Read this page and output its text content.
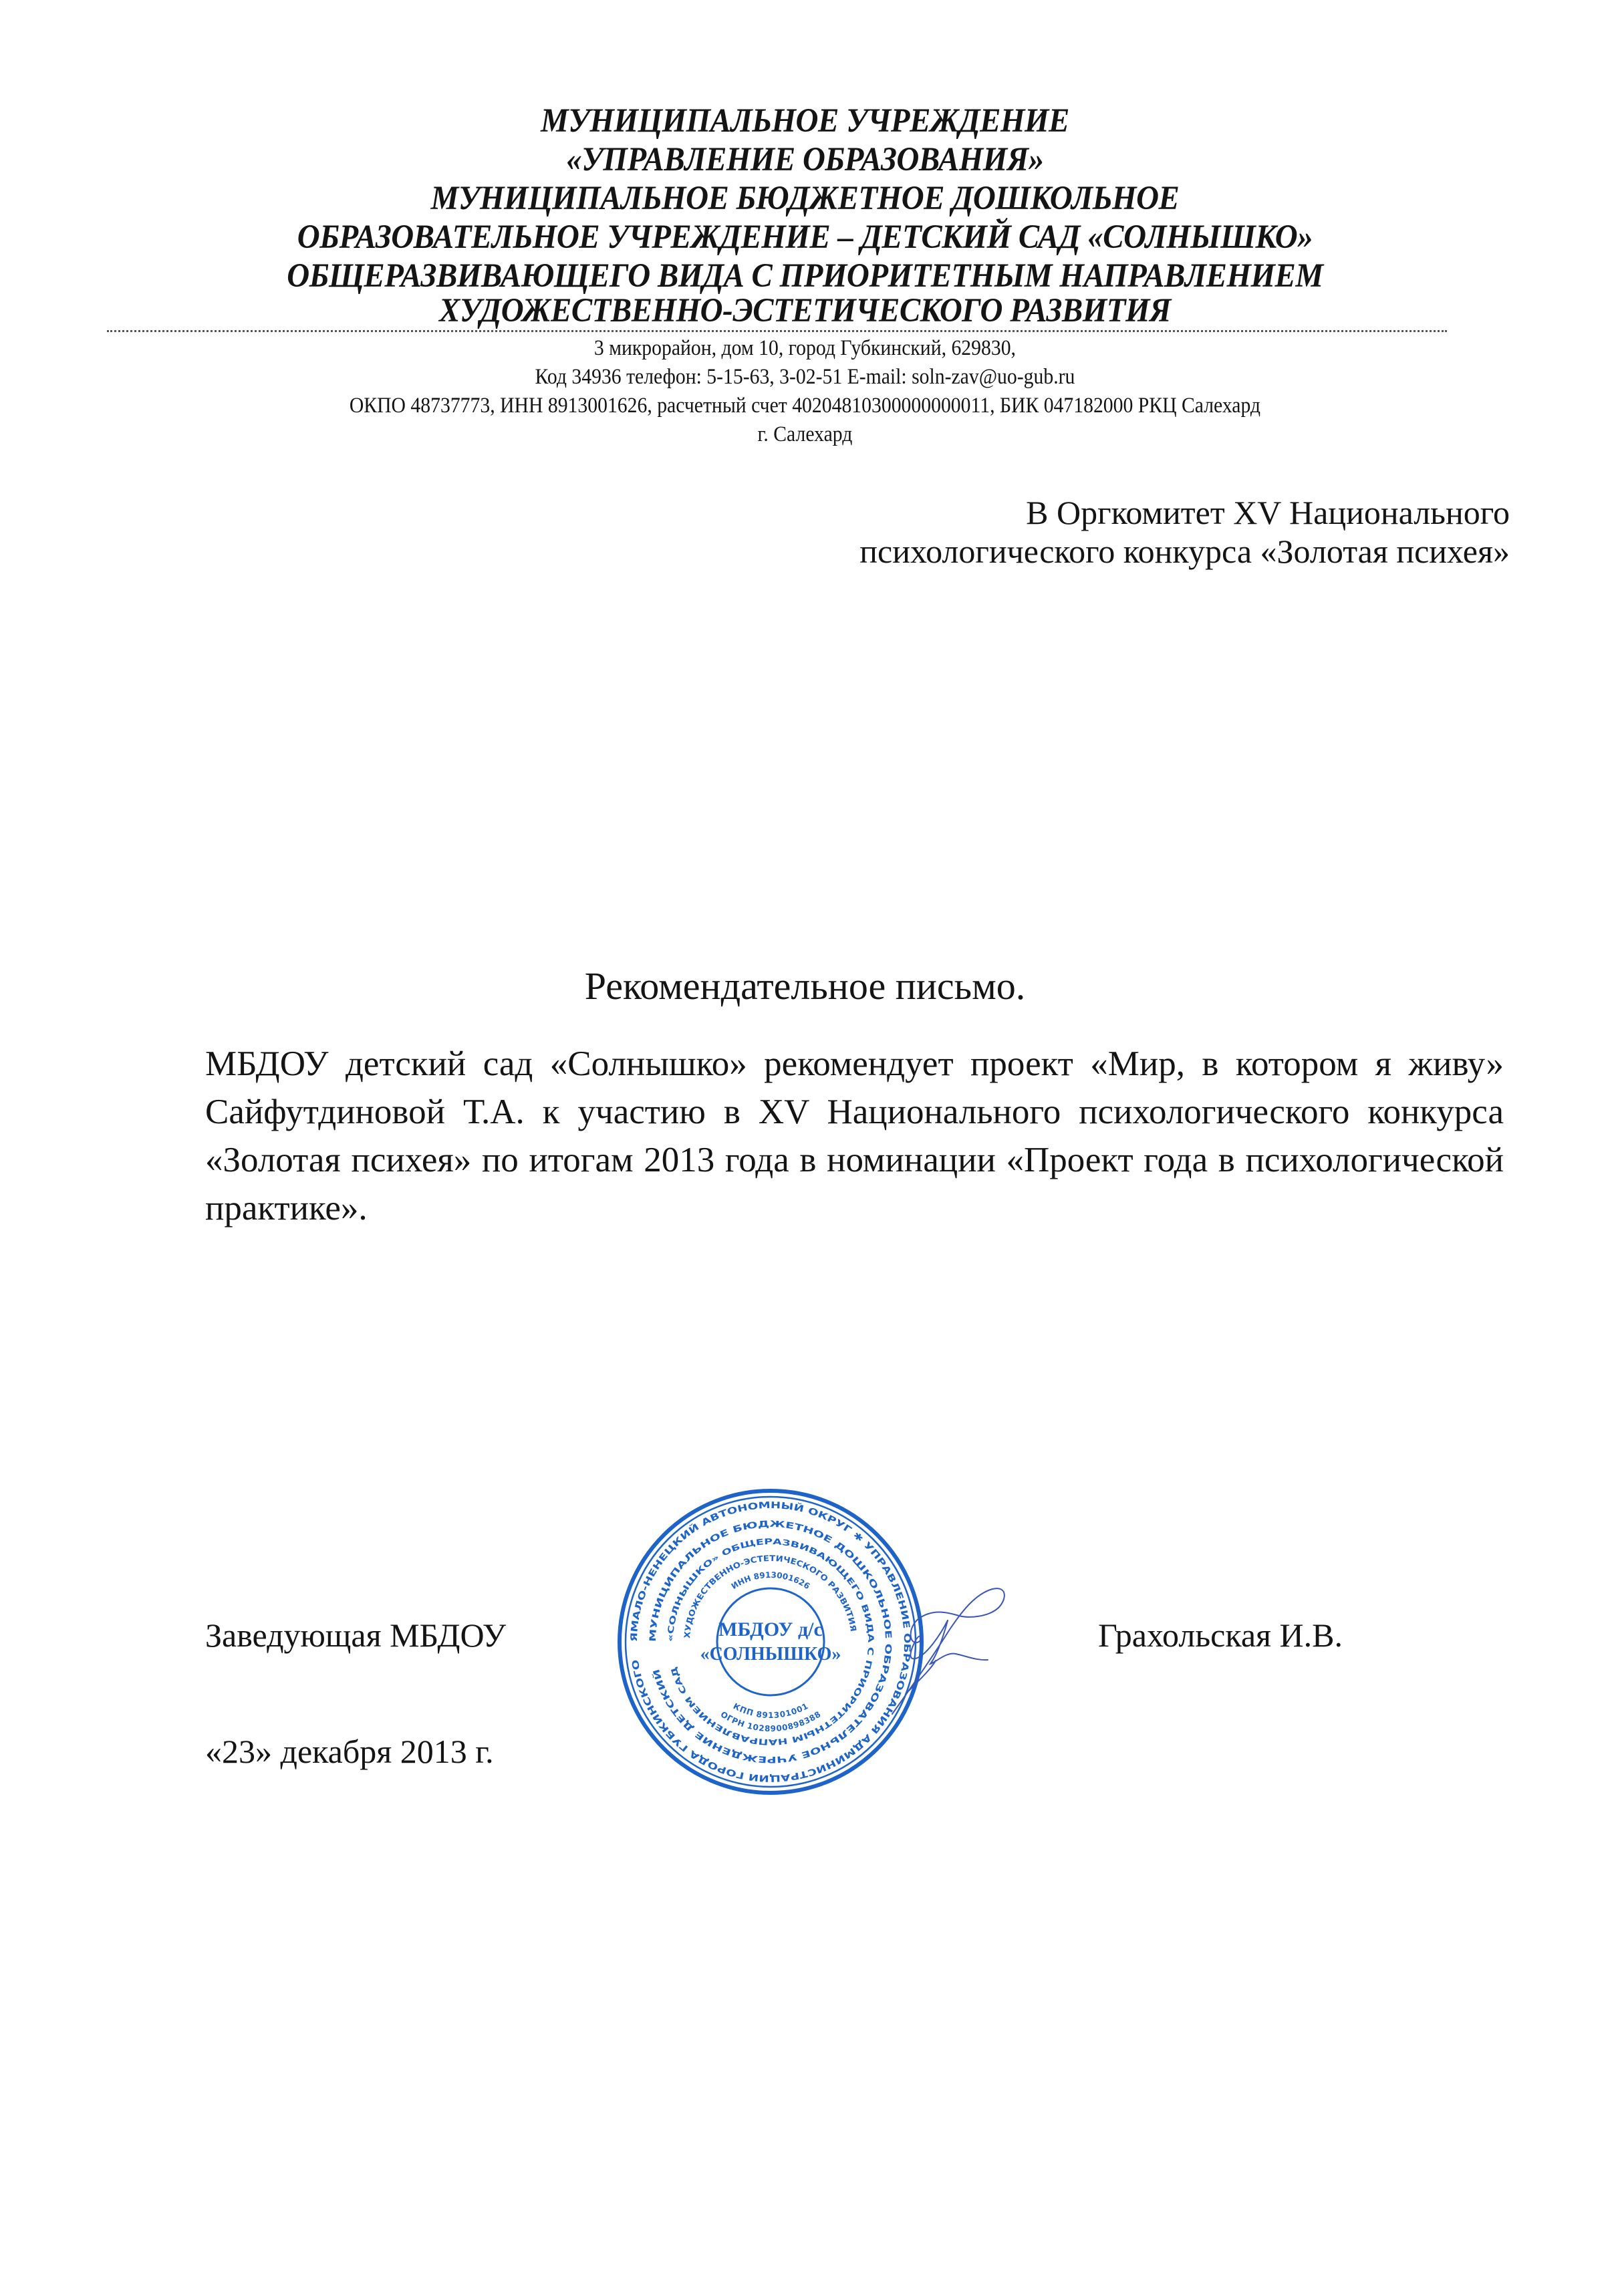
МУНИЦИПАЛЬНОЕ УЧРЕЖДЕНИЕ
«УПРАВЛЕНИЕ ОБРАЗОВАНИЯ»
МУНИЦИПАЛЬНОЕ БЮДЖЕТНОЕ ДОШКОЛЬНОЕ
ОБРАЗОВАТЕЛЬНОЕ УЧРЕЖДЕНИЕ – ДЕТСКИЙ САД «СОЛНЫШКО»
ОБЩЕРАЗВИВАЮЩЕГО ВИДА С ПРИОРИТЕТНЫМ НАПРАВЛЕНИЕМ
ХУДОЖЕСТВЕННО-ЭСТЕТИЧЕСКОГО РАЗВИТИЯ
3 микрорайон, дом 10, город Губкинский, 629830,
Код 34936 телефон: 5-15-63, 3-02-51 E-mail: soln-zav@uo-gub.ru
ОКПО 48737773, ИНН 8913001626, расчетный счет 40204810300000000011, БИК 047182000 РКЦ Салехард
г. Салехард
В Оргкомитет XV Национального
психологического конкурса «Золотая психея»
Рекомендательное письмо.
МБДОУ детский сад «Солнышко» рекомендует проект «Мир, в котором я живу»
Сайфутдиновой Т.А. к участию в XV Национального психологического конкурса
«Золотая психея» по итогам 2013 года в номинации «Проект года в психологической
практике».
Заведующая МБДОУ	Грахольская И.В.
«23» декабря 2013 г.
ЯМАЛО-НЕНЕЦКИЙ АВТОНОМНЫЙ ОКРУГ ✱ УПРАВЛЕНИЕ ОБРАЗОВАНИЯ АДМИНИСТРАЦИИ ГОРОДА ГУБКИНСКОГО
МУНИЦИПАЛЬНОЕ БЮДЖЕТНОЕ ДОШКОЛЬНОЕ ОБРАЗОВАТЕЛЬНОЕ УЧРЕЖДЕНИЕ ДЕТСКИЙ
«СОЛНЫШКО» ОБЩЕРАЗВИВАЮЩЕГО ВИДА С ПРИОРИТЕТНЫМ НАПРАВЛЕНИЕМ САД
ХУДОЖЕСТВЕННО-ЭСТЕТИЧЕСКОГО РАЗВИТИЯ
ИНН 8913001626
КПП 891301001
ОГРН 1028900898388
МБДОУ д/с
«СОЛНЫШКО»
